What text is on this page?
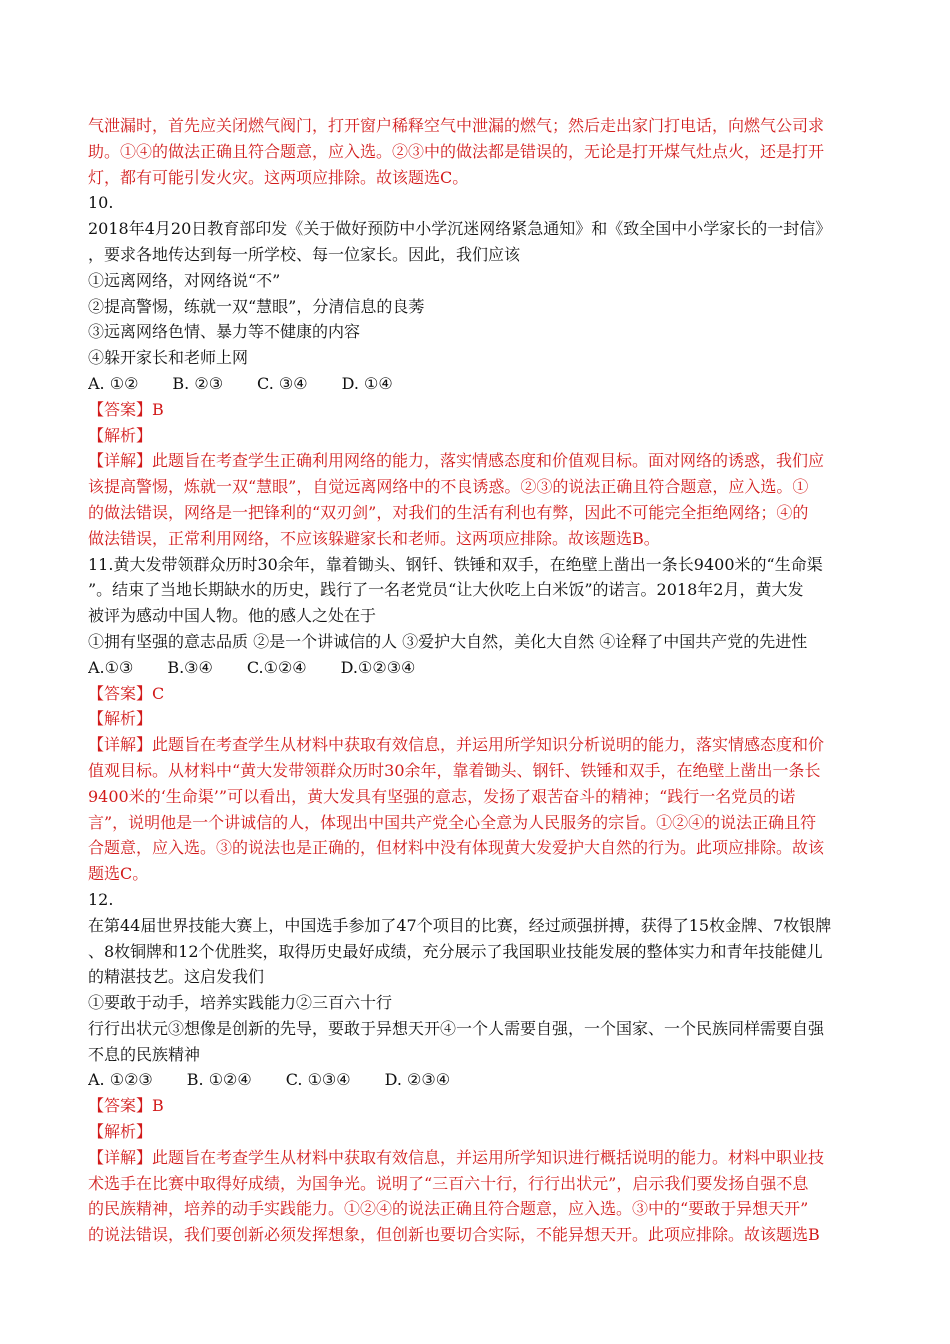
气泄漏时，首先应关闭燃气阀门，打开窗户稀释空气中泄漏的燃气；然后走出家门打电话，向燃气公司求
助。①④的做法正确且符合题意，应入选。②③中的做法都是错误的，无论是打开煤气灶点火，还是打开
灯，都有可能引发火灾。这两项应排除。故该题选C。
10.
2018年4月20日教育部印发《关于做好预防中小学沉迷网络紧急通知》和《致全国中小学家长的一封信》
，要求各地传达到每一所学校、每一位家长。因此，我们应该
①远离网络，对网络说“不”
②提高警惕，练就一双“慧眼”，分清信息的良莠
③远离网络色情、暴力等不健康的内容
④躲开家长和老师上网
A. ①② B. ②③ C. ③④ D. ①④
【答案】B
【解析】
【详解】此题旨在考查学生正确利用网络的能力，落实情感态度和价值观目标。面对网络的诱惑，我们应
该提高警惕，炼就一双“慧眼”，自觉远离网络中的不良诱惑。②③的说法正确且符合题意，应入选。①
的做法错误，网络是一把锋利的“双刃剑”，对我们的生活有利也有弊，因此不可能完全拒绝网络；④的
做法错误，正常利用网络，不应该躲避家长和老师。这两项应排除。故该题选B。
11.黄大发带领群众历时30余年，靠着锄头、钢钎、铁锤和双手，在绝壁上凿出一条长9400米的“生命渠
”。结束了当地长期缺水的历史，践行了一名老党员“让大伙吃上白米饭”的诺言。2018年2月，黄大发
被评为感动中国人物。他的感人之处在于
①拥有坚强的意志品质 ②是一个讲诚信的人 ③爱护大自然，美化大自然 ④诠释了中国共产党的先进性
A.①③ B.③④ C.①②④ D.①②③④
【答案】C
【解析】
【详解】此题旨在考查学生从材料中获取有效信息，并运用所学知识分析说明的能力，落实情感态度和价
值观目标。从材料中“黄大发带领群众历时30余年，靠着锄头、钢钎、铁锤和双手，在绝壁上凿出一条长
9400米的‘生命渠’”可以看出，黄大发具有坚强的意志，发扬了艰苦奋斗的精神；“践行一名党员的诺
言”，说明他是一个讲诚信的人，体现出中国共产党全心全意为人民服务的宗旨。①②④的说法正确且符
合题意，应入选。③的说法也是正确的，但材料中没有体现黄大发爱护大自然的行为。此项应排除。故该
题选C。
12.
在第44届世界技能大赛上，中国选手参加了47个项目的比赛，经过顽强拼搏，获得了15枚金牌、7枚银牌
、8枚铜牌和12个优胜奖，取得历史最好成绩，充分展示了我国职业技能发展的整体实力和青年技能健儿
的精湛技艺。这启发我们
①要敢于动手，培养实践能力②三百六十行
行行出状元③想像是创新的先导，要敢于异想天开④一个人需要自强，一个国家、一个民族同样需要自强
不息的民族精神
A. ①②③ B. ①②④ C. ①③④ D. ②③④
【答案】B
【解析】
【详解】此题旨在考查学生从材料中获取有效信息，并运用所学知识进行概括说明的能力。材料中职业技
术选手在比赛中取得好成绩，为国争光。说明了“三百六十行，行行出状元”，启示我们要发扬自强不息
的民族精神，培养的动手实践能力。①②④的说法正确且符合题意，应入选。③中的“要敢于异想天开”
的说法错误，我们要创新必须发挥想象，但创新也要切合实际，不能异想天开。此项应排除。故该题选B
